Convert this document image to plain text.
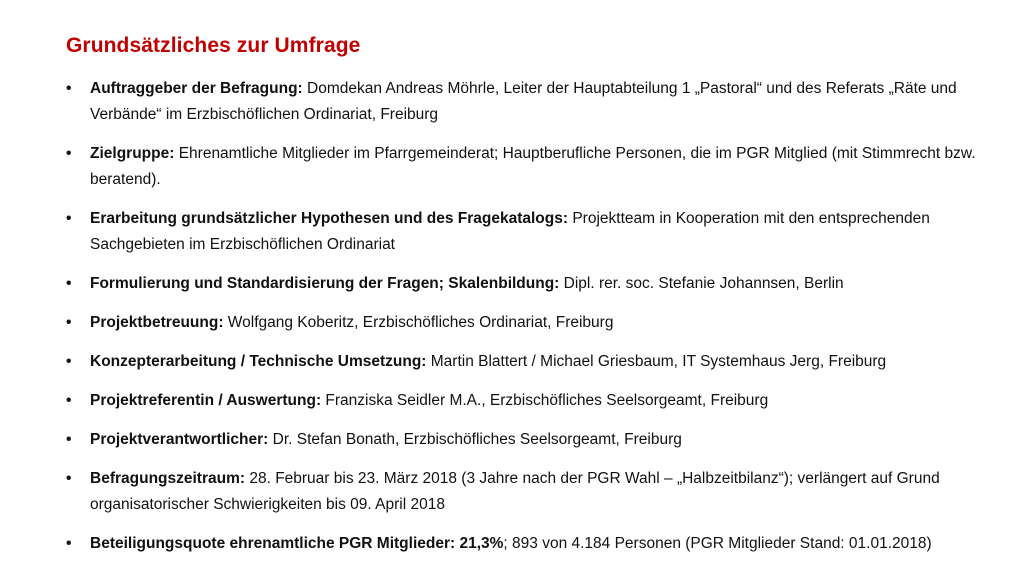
Grundsätzliches zur Umfrage
•	Auftraggeber der Befragung: Domdekan Andreas Möhrle, Leiter der Hauptabteilung 1 „Pastoral“ und des Referats „Räte und Verbände“ im Erzbischöflichen Ordinariat, Freiburg
•	Zielgruppe: Ehrenamtliche Mitglieder im Pfarrgemeinderat; Hauptberufliche Personen, die im PGR Mitglied (mit Stimmrecht bzw. beratend).
•	Erarbeitung grundsätzlicher Hypothesen und des Fragekatalogs: Projektteam in Kooperation mit den entsprechenden Sachgebieten im Erzbischöflichen Ordinariat
•	Formulierung und Standardisierung der Fragen; Skalenbildung: Dipl. rer. soc. Stefanie Johannsen, Berlin
•	Projektbetreuung: Wolfgang Koberitz, Erzbischöfliches Ordinariat, Freiburg
•	Konzepterarbeitung / Technische Umsetzung: Martin Blattert / Michael Griesbaum, IT Systemhaus Jerg, Freiburg
•	Projektreferentin / Auswertung: Franziska Seidler M.A., Erzbischöfliches Seelsorgeamt, Freiburg
•	Projektverantwortlicher: Dr. Stefan Bonath, Erzbischöfliches Seelsorgeamt, Freiburg
•	Befragungszeitraum: 28. Februar bis 23. März 2018 (3 Jahre nach der PGR Wahl – „Halbzeitbilanz“); verlängert auf Grund organisatorischer Schwierigkeiten bis 09. April 2018
•	Beteiligungsquote ehrenamtliche PGR Mitglieder: 21,3%; 893 von 4.184 Personen (PGR Mitglieder Stand: 01.01.2018)
